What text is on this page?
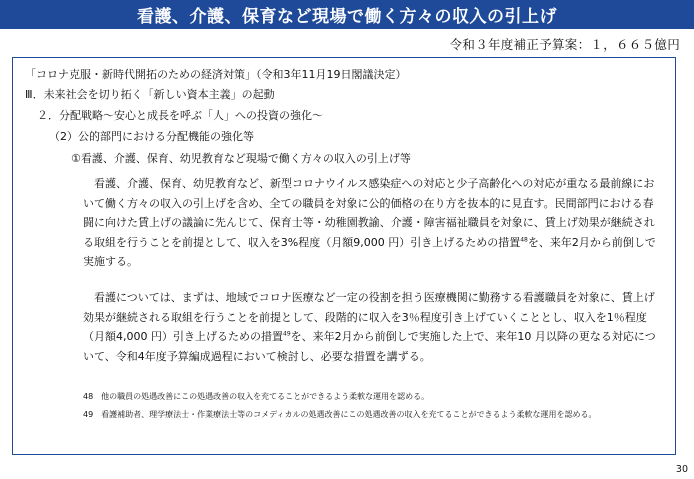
看護、介護、保育など現場で働く方々の収入の引上げ
令和３年度補正予算案：１，６６５億円
「コロナ克服・新時代開拓のための経済対策」（令和3年11月19日閣議決定）
Ⅲ．未来社会を切り拓く「新しい資本主義」の起動
２．分配戦略～安心と成長を呼ぶ「人」への投資の強化～
（2）公的部門における分配機能の強化等
①看護、介護、保育、幼児教育など現場で働く方々の収入の引上げ等

看護、介護、保育、幼児教育など、新型コロナウイルス感染症への対応と少子高齢化への対応が重なる最前線において働く方々の収入の引上げを含め、全ての職員を対象に公的価格の在り方を抜本的に見直す。民間部門における春闘に向けた賃上げの議論に先んじて、保育士等・幼稚園教諭、介護・障害福祉職員を対象に、賃上げ効果が継続される取組を行うことを前提として、収入を3%程度（月額9,000 円）引き上げるための措置$^{48}$を、来年2月から前倒しで実施する。

看護については、まずは、地域でコロナ医療など一定の役割を担う医療機関に勤務する看護職員を対象に、賃上げ効果が継続される取組を行うことを前提として、段階的に収入を3％程度引き上げていくこととし、収入を1％程度（月額4,000 円）引き上げるための措置$^{49}$を、来年2月から前倒しで実施した上で、来年10 月以降の更なる対応について、令和4年度予算編成過程において検討し、必要な措置を講ずる。

48　他の職員の処遇改善にこの処遇改善の収入を充てることができるよう柔軟な運用を認める。
49　看護補助者、理学療法士・作業療法士等のコメディカルの処遇改善にこの処遇改善の収入を充てることができるよう柔軟な運用を認める。
30
